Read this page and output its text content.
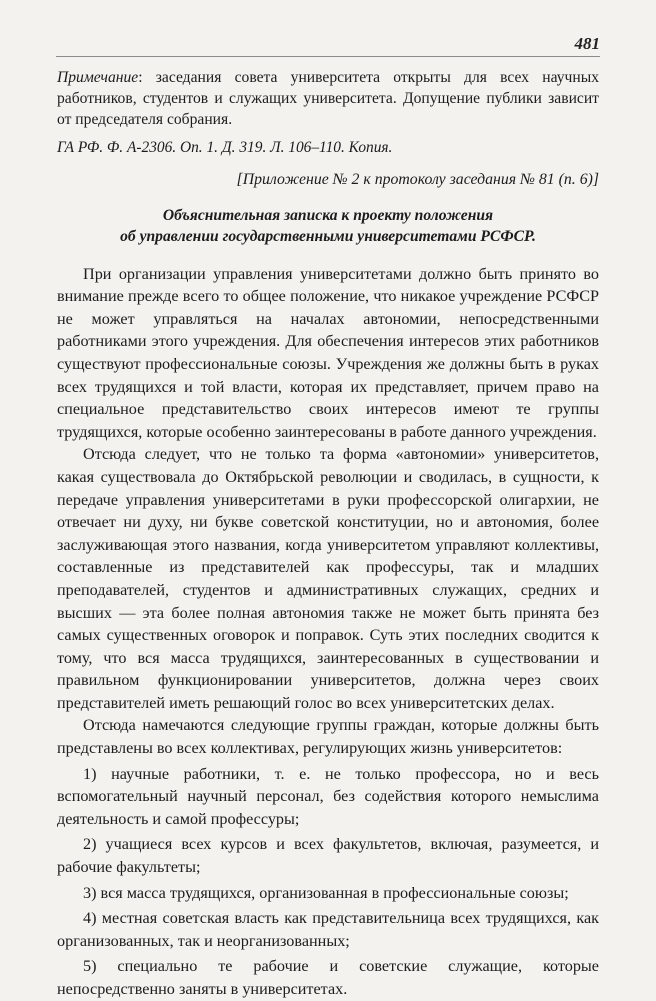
481

Примечание: заседания совета университета открыты для всех научных работников, студентов и служащих университета. Допущение публики зависит от председателя собрания.

ГА РФ. Ф. А-2306. Оп. 1. Д. 319. Л. 106–110. Копия.

[Приложение № 2 к протоколу заседания № 81 (п. 6)]

Объяснительная записка к проекту положения
об управлении государственными университетами РСФСР.

При организации управления университетами должно быть принято во внимание прежде всего то общее положение, что никакое учреждение РСФСР не может управляться на началах автономии, непосредственными работниками этого учреждения. Для обеспечения интересов этих работников существуют профессиональные союзы. Учреждения же должны быть в руках всех трудящихся и той власти, которая их представляет, причем право на специальное представительство своих интересов имеют те группы трудящихся, которые особенно заинтересованы в работе данного учреждения.

Отсюда следует, что не только та форма «автономии» университетов, какая существовала до Октябрьской революции и сводилась, в сущности, к передаче управления университетами в руки профессорской олигархии, не отвечает ни духу, ни букве советской конституции, но и автономия, более заслуживающая этого названия, когда университетом управляют коллективы, составленные из представителей как профессуры, так и младших преподавателей, студентов и административных служащих, средних и высших — эта более полная автономия также не может быть принята без самых существенных оговорок и поправок. Суть этих последних сводится к тому, что вся масса трудящихся, заинтересованных в существовании и правильном функционировании университетов, должна через своих представителей иметь решающий голос во всех университетских делах.

Отсюда намечаются следующие группы граждан, которые должны быть представлены во всех коллективах, регулирующих жизнь университетов:

1) научные работники, т. е. не только профессора, но и весь вспомогательный научный персонал, без содействия которого немыслима деятельность и самой профессуры;

2) учащиеся всех курсов и всех факультетов, включая, разумеется, и рабочие факультеты;

3) вся масса трудящихся, организованная в профессиональные союзы;

4) местная советская власть как представительница всех трудящихся, как организованных, так и неорганизованных;

5) специально те рабочие и советские служащие, которые непосредственно заняты в университетах.
